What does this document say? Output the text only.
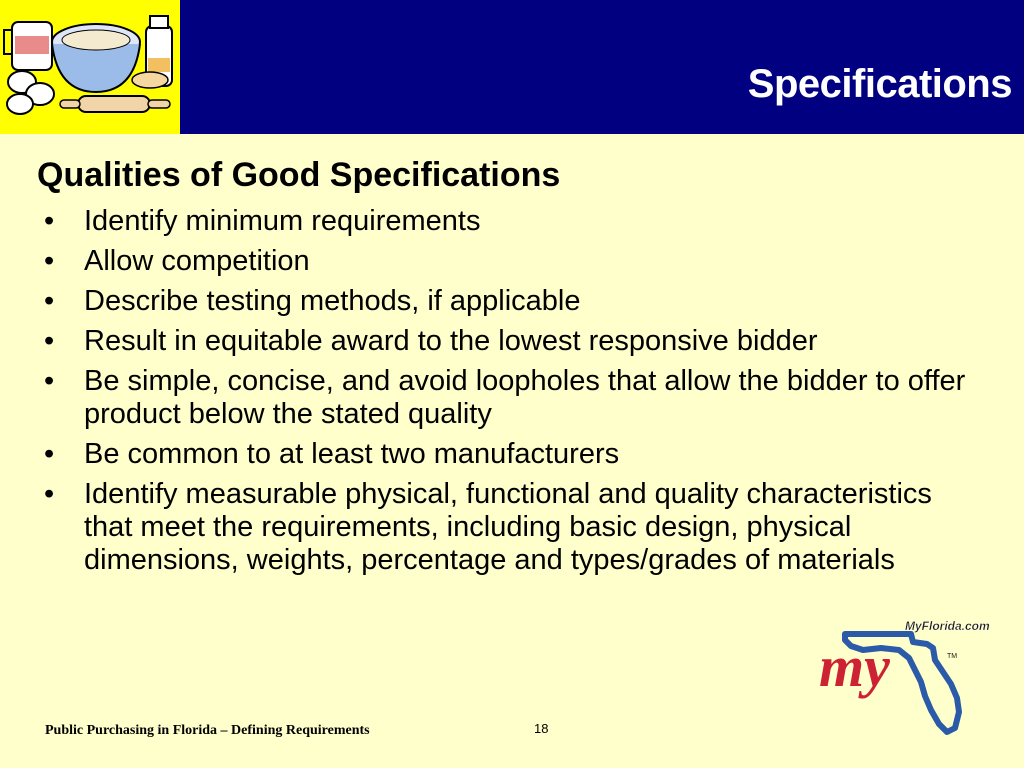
Specifications
Qualities of Good Specifications
• Identify minimum requirements
• Allow competition
• Describe testing methods, if applicable
• Result in equitable award to the lowest responsive bidder
• Be simple, concise, and avoid loopholes that allow the bidder to offer product below the stated quality
• Be common to at least two manufacturers
• Identify measurable physical, functional and quality characteristics that meet the requirements, including basic design, physical dimensions, weights, percentage and types/grades of materials
MyFlorida.com
my	TM
Public Purchasing in Florida – Defining Requirements	18
